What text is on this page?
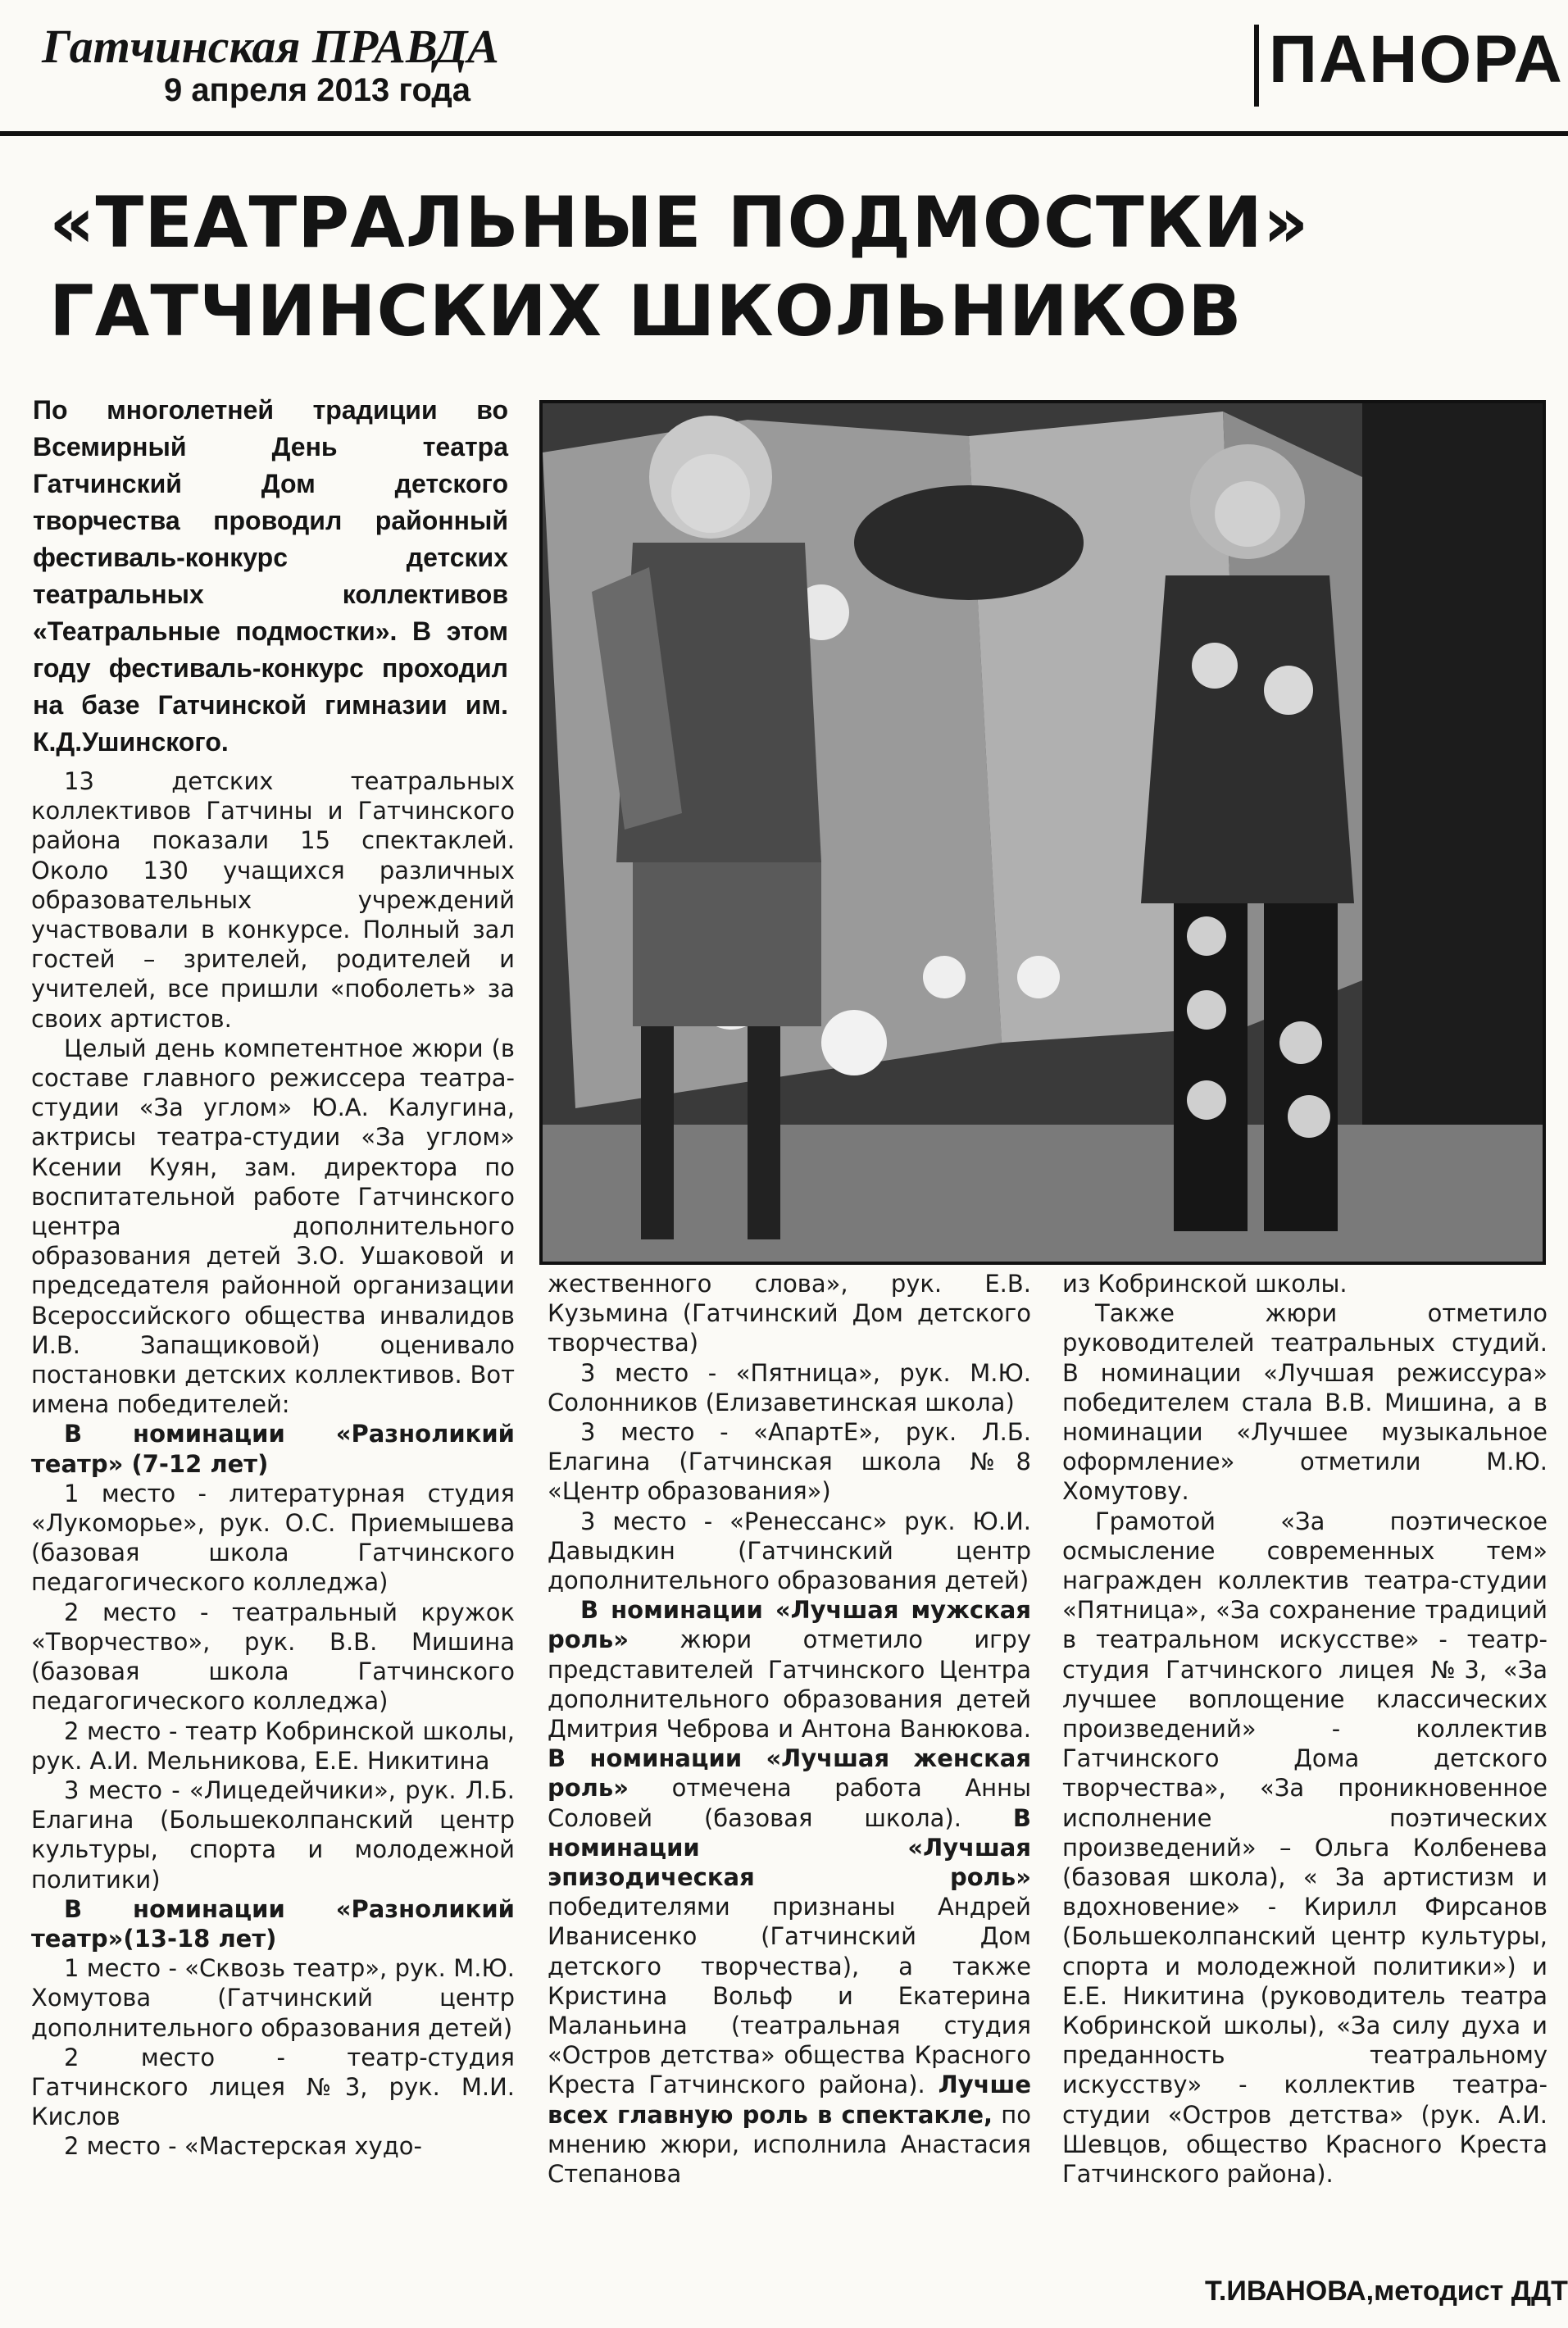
Гатчинская ПРАВДА
9 апреля 2013 года	ПАНОРА
«ТЕАТРАЛЬНЫЕ ПОДМОСТКИ»
ГАТЧИНСКИХ ШКОЛЬНИКОВ
По многолетней традиции во Всемирный День театра Гатчинский Дом детского творчества проводил районный фестиваль-конкурс детских театральных коллективов «Театральные подмостки». В этом году фестиваль-конкурс проходил на базе Гатчинской гимназии им. К.Д.Ушинского.

13 детских театральных коллективов Гатчины и Гатчинского района показали 15 спектаклей. Около 130 учащихся различных образовательных учреждений участвовали в конкурсе. Полный зал гостей – зрителей, родителей и учителей, все пришли «поболеть» за своих артистов.

Целый день компетентное жюри (в составе главного режиссера театра-студии «За углом» Ю.А. Калугина, актрисы театра-студии «За углом» Ксении Куян, зам. директора по воспитательной работе Гатчинского центра дополнительного образования детей З.О. Ушаковой и председателя районной организации Всероссийского общества инвалидов И.В. Запащиковой) оценивало постановки детских коллективов. Вот имена победителей:

В номинации «Разноликий театр» (7-12 лет)

1 место - литературная студия «Лукоморье», рук. О.С. Приемышева (базовая школа Гатчинского педагогического колледжа)

2 место - театральный кружок «Творчество», рук. В.В. Мишина (базовая школа Гатчинского педагогического колледжа)

2 место - театр Кобринской школы, рук. А.И. Мельникова, Е.Е. Никитина

3 место - «Лицедейчики», рук. Л.Б. Елагина (Большеколпанский центр культуры, спорта и молодежной политики)

В номинации «Разноликий театр»(13-18 лет)

1 место - «Сквозь театр», рук. М.Ю. Хомутова (Гатчинский центр дополнительного образования детей)

2 место - театр-студия Гатчинского лицея №3, рук. М.И. Кислов

2 место - «Мастерская худо-

жественного слова», рук. Е.В. Кузьмина (Гатчинский Дом детского творчества)

3 место - «Пятница», рук. М.Ю. Солонников (Елизаветинская школа)

3 место - «АпартЕ», рук. Л.Б. Елагина (Гатчинская школа №8 «Центр образования»)

3 место - «Ренессанс» рук. Ю.И. Давыдкин (Гатчинский центр дополнительного образования детей)

В номинации «Лучшая мужская роль» жюри отметило игру представителей Гатчинского Центра дополнительного образования детей Дмитрия Чеброва и Антона Ванюкова. В номинации «Лучшая женская роль» отмечена работа Анны Соловей (базовая школа). В номинации «Лучшая эпизодическая роль» победителями признаны Андрей Иванисенко (Гатчинский Дом детского творчества), а также Кристина Вольф и Екатерина Маланьина (театральная студия «Остров детства» общества Красного Креста Гатчинского района). Лучше всех главную роль в спектакле, по мнению жюри, исполнила Анастасия Степанова

из Кобринской школы.

Также жюри отметило руководителей театральных студий. В номинации «Лучшая режиссура» победителем стала В.В. Мишина, а в номинации «Лучшее музыкальное оформление» отметили М.Ю. Хомутову.

Грамотой «За поэтическое осмысление современных тем» награжден коллектив театра-студии «Пятница», «За сохранение традиций в театральном искусстве» - театр-студия Гатчинского лицея №3, «За лучшее воплощение классических произведений» - коллектив Гатчинского Дома детского творчества», «За проникновенное исполнение поэтических произведений» – Ольга Колбенева (базовая школа), « За артистизм и вдохновение» - Кирилл Фирсанов (Большеколпанский центр культуры, спорта и молодежной политики») и Е.Е. Никитина (руководитель театра Кобринской школы), «За силу духа и преданность театральному искусству» - коллектив театра-студии «Остров детства» (рук. А.И. Шевцов, общество Красного Креста Гатчинского района).

Т.ИВАНОВА,методист ДДТ
